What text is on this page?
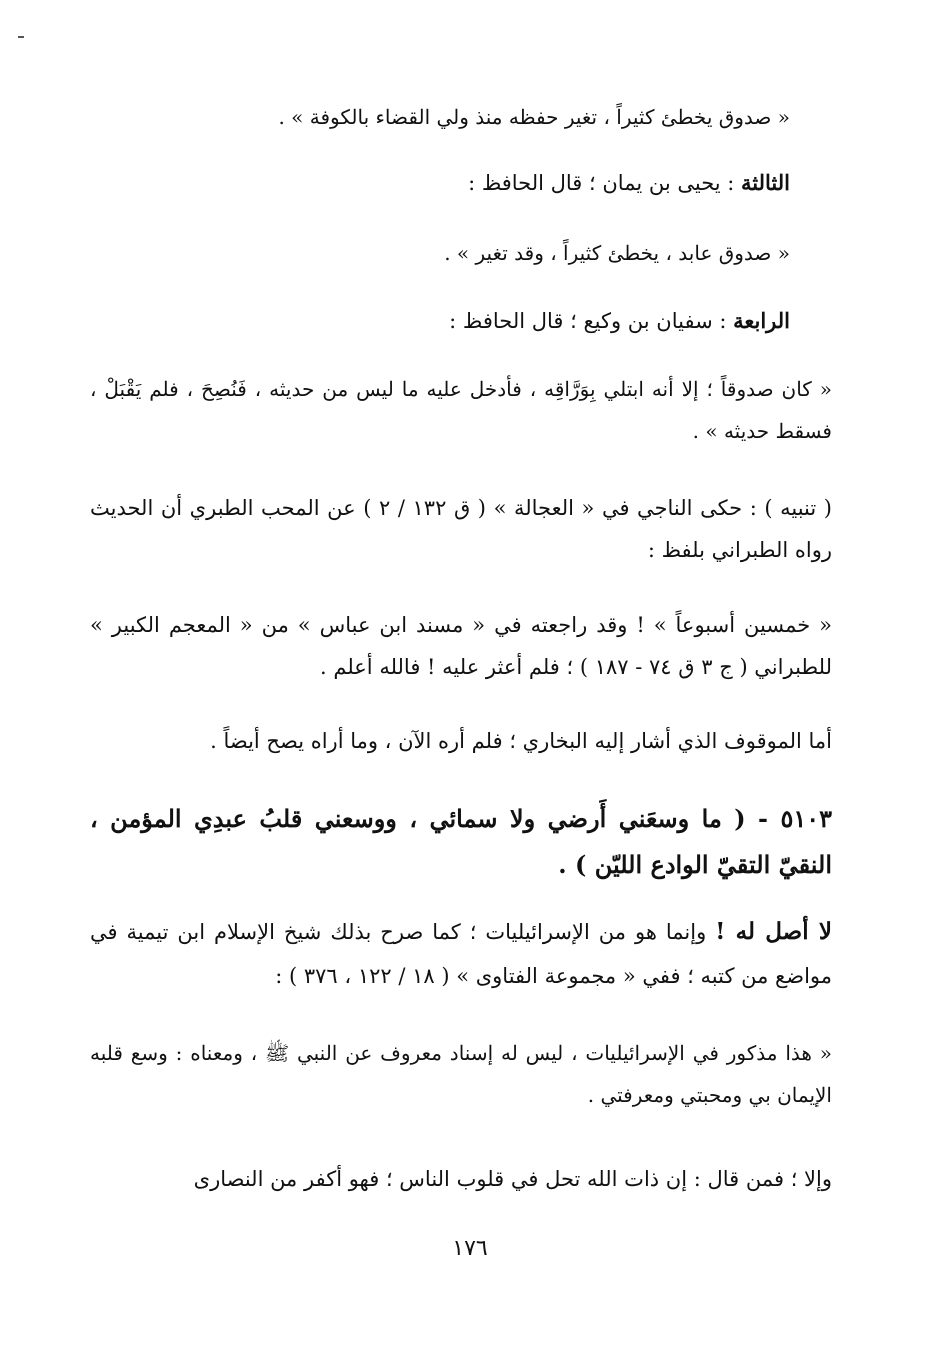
« صدوق يخطئ كثيراً ، تغير حفظه منذ ولي القضاء بالكوفة » .
الثالثة : يحيى بن يمان ؛ قال الحافظ :
« صدوق عابد ، يخطئ كثيراً ، وقد تغير » .
الرابعة : سفيان بن وكيع ؛ قال الحافظ :
« كان صدوقاً ؛ إلا أنه ابتلي بِوَرَّاقِه ، فأدخل عليه ما ليس من حديثه ، فَنُصِحَ ، فلم يَقْبَلْ ، فسقط حديثه » .
( تنبيه ) : حكى الناجي في « العجالة » ( ق ١٣٢ / ٢ ) عن المحب الطبري أن الحديث رواه الطبراني بلفظ :
« خمسين أسبوعاً » ! وقد راجعته في « مسند ابن عباس » من « المعجم الكبير » للطبراني ( ج ٣ ق ٧٤ - ١٨٧ ) ؛ فلم أعثر عليه ! فالله أعلم .
أما الموقوف الذي أشار إليه البخاري ؛ فلم أره الآن ، وما أراه يصح أيضاً .
٥١٠٣ - ( ما وسعَني أَرضي ولا سمائي ، ووسعني قلبُ عبدِي المؤمن ، النقيّ التقيّ الوادع الليّن ) .
لا أصل له ! وإنما هو من الإسرائيليات ؛ كما صرح بذلك شيخ الإسلام ابن تيمية في مواضع من كتبه ؛ ففي « مجموعة الفتاوى » ( ١٨ / ١٢٢ ، ٣٧٦ ) :
« هذا مذكور في الإسرائيليات ، ليس له إسناد معروف عن النبي ﷺ ، ومعناه : وسع قلبه الإيمان بي ومحبتي ومعرفتي .
وإلا ؛ فمن قال : إن ذات الله تحل في قلوب الناس ؛ فهو أكفر من النصارى
١٧٦
